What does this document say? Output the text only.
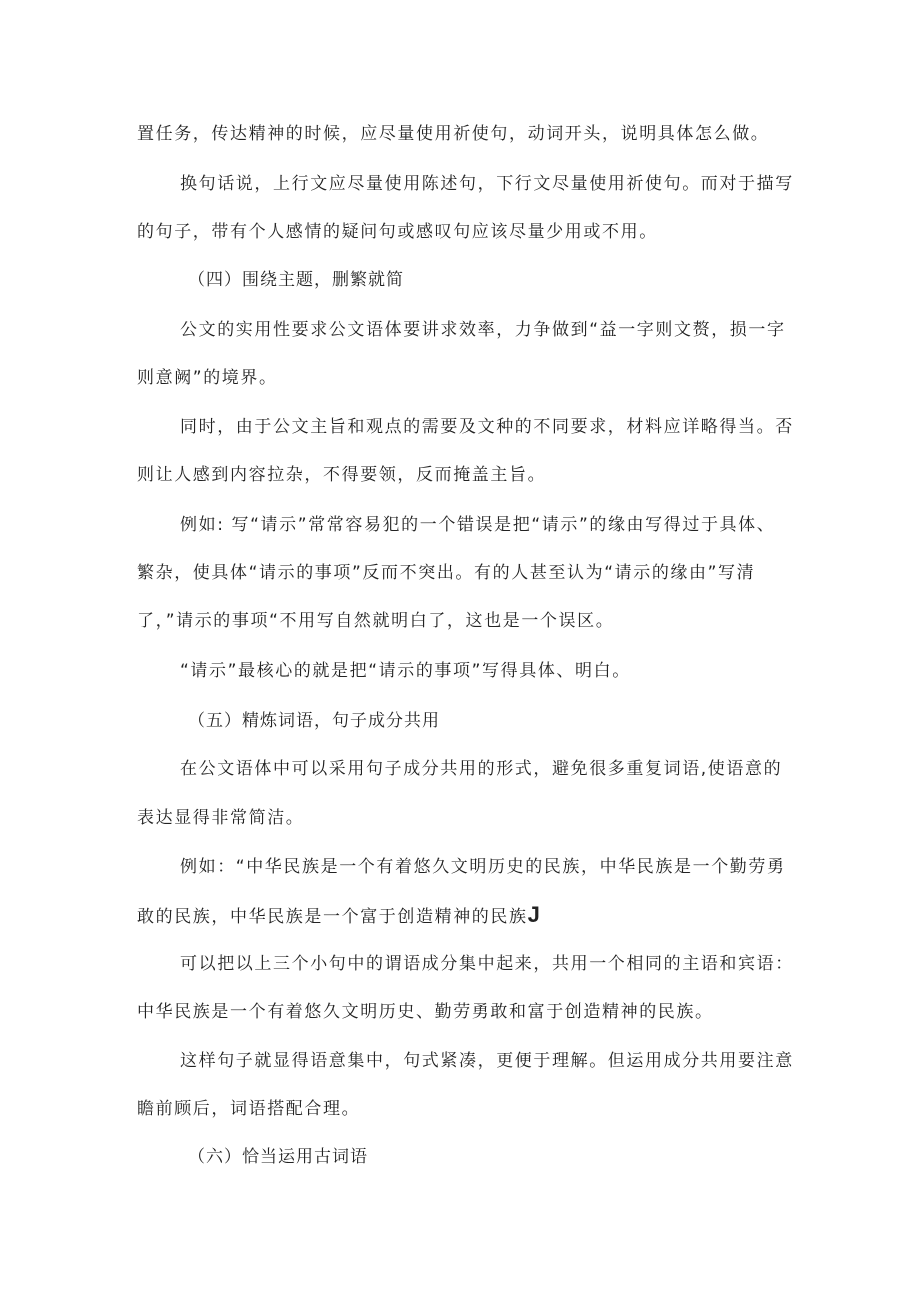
置任务，传达精神的时候，应尽量使用祈使句，动词开头，说明具体怎么做。
换句话说，上行文应尽量使用陈述句，下行文尽量使用祈使句。而对于描写
的句子，带有个人感情的疑问句或感叹句应该尽量少用或不用。
（四）围绕主题，删繁就简
公文的实用性要求公文语体要讲求效率，力争做到“益一字则文赘，损一字
则意阙”的境界。
同时，由于公文主旨和观点的需要及文种的不同要求，材料应详略得当。否
则让人感到内容拉杂，不得要领，反而掩盖主旨。
例如: 写“请示”常常容易犯的一个错误是把“请示”的缘由写得过于具体、
繁杂，使具体“请示的事项”反而不突出。有的人甚至认为“请示的缘由”写清
了，”请示的事项“不用写自然就明白了，这也是一个误区。
“请示”最核心的就是把“请示的事项”写得具体、明白。
（五）精炼词语，句子成分共用
在公文语体中可以采用句子成分共用的形式，避免很多重复词语,使语意的
表达显得非常简洁。
例如：“中华民族是一个有着悠久文明历史的民族，中华民族是一个勤劳勇
敢的民族，中华民族是一个富于创造精神的民族J
可以把以上三个小句中的谓语成分集中起来，共用一个相同的主语和宾语：
中华民族是一个有着悠久文明历史、勤劳勇敢和富于创造精神的民族。
这样句子就显得语意集中，句式紧凑，更便于理解。但运用成分共用要注意
瞻前顾后，词语搭配合理。
（六）恰当运用古词语
